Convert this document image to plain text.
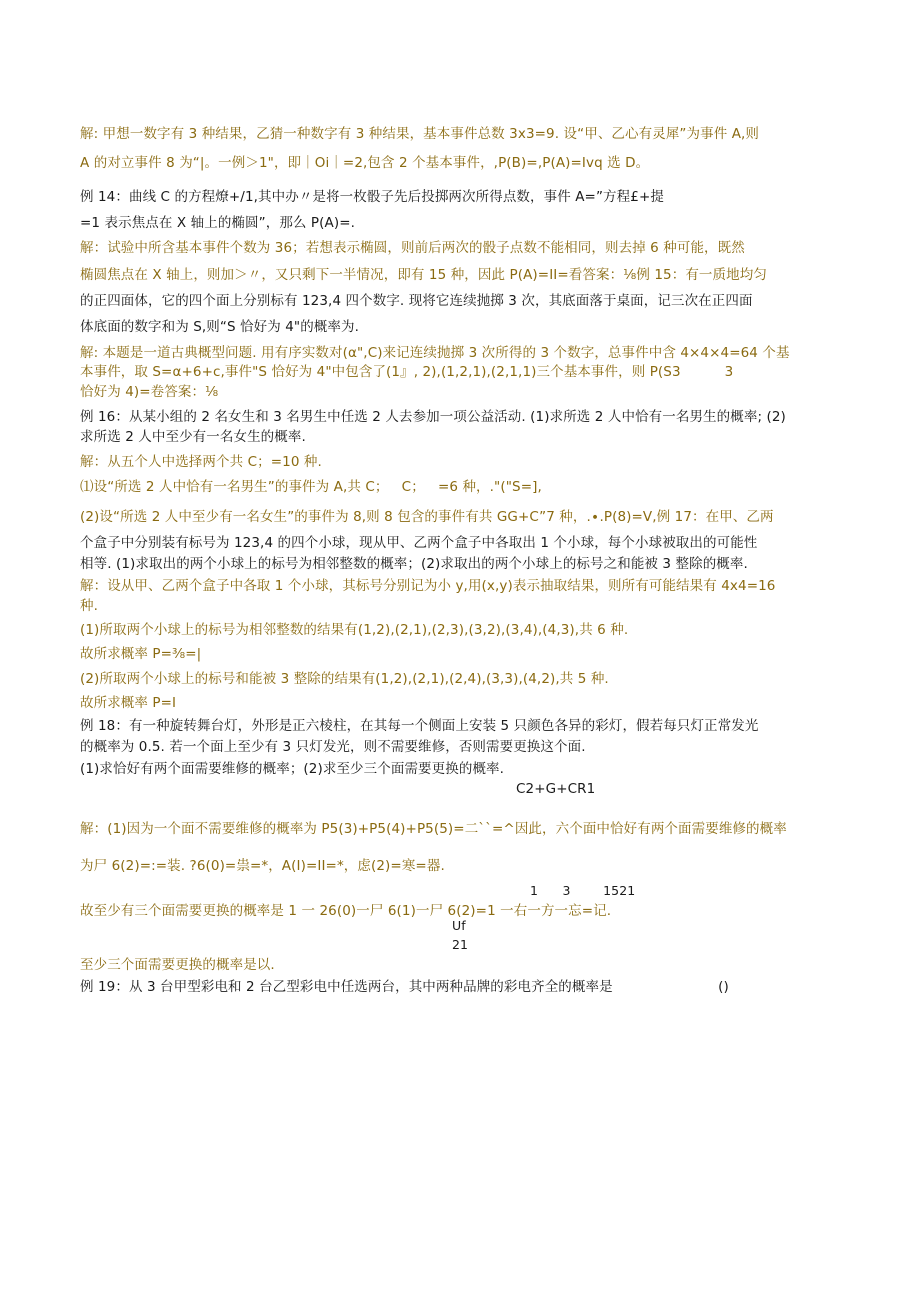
解: 甲想一数字有 3 种结果，乙猜一种数字有 3 种结果，基本事件总数 3x3=9. 设“甲、乙心有灵犀”为事件 A,则
A 的对立事件 8 为“|。一例＞1"，即｜Oi｜=2,包含 2 个基本事件，,P(B)=,P(A)=Ivq 选 D。
例 14：曲线 C 的方程燎+/1,其中办〃是将一枚骰子先后投掷两次所得点数，事件 A=”方程£+提
=1 表示焦点在 X 轴上的椭圆”，那么 P(A)=.
解：试验中所含基本事件个数为 36；若想表示椭圆，则前后两次的骰子点数不能相同，则去掉 6 种可能，既然
椭圆焦点在 X 轴上，则加＞〃，又只剩下一半情况，即有 15 种，因此 P(A)=II=看答案：⅛例 15：有一质地均匀
的正四面体，它的四个面上分别标有 123,4 四个数字. 现将它连续抛掷 3 次，其底面落于桌面，记三次在正四面
体底面的数字和为 S,则“S 恰好为 4"的概率为.
解: 本题是一道古典概型问题. 用有序实数对(α",C)来记连续抛掷 3 次所得的 3 个数字，总事件中含 4×4×4=64 个基
本事件，取 S=α+6+c,事件"S 恰好为 4"中包含了(1』, 2),(1,2,1),(2,1,1)三个基本事件，则 P(S3          3
恰好为 4)=卷答案：⅛
例 16：从某小组的 2 名女生和 3 名男生中任选 2 人去参加一项公益活动. (1)求所选 2 人中恰有一名男生的概率; (2)
求所选 2 人中至少有一名女生的概率.
解：从五个人中选择两个共 C；=10 种.
⑴设“所选 2 人中恰有一名男生”的事件为 A,共 C；   C；   =6 种，."("S=],
(2)设“所选 2 人中至少有一名女生”的事件为 8,则 8 包含的事件有共 GG+C”7 种，.∙.P(8)=V,例 17：在甲、乙两
个盒子中分别装有标号为 123,4 的四个小球，现从甲、乙两个盒子中各取出 1 个小球，每个小球被取出的可能性
相等. (1)求取出的两个小球上的标号为相邻整数的概率；(2)求取出的两个小球上的标号之和能被 3 整除的概率.
解：设从甲、乙两个盒子中各取 1 个小球，其标号分别记为小 y,用(x,y)表示抽取结果，则所有可能结果有 4x4=16
种.
(1)所取两个小球上的标号为相邻整数的结果有(1,2),(2,1),(2,3),(3,2),(3,4),(4,3),共 6 种.
故所求概率 P=⅜=|
(2)所取两个小球上的标号和能被 3 整除的结果有(1,2),(2,1),(2,4),(3,3),(4,2),共 5 种.
故所求概率 P=I
例 18：有一种旋转舞台灯，外形是正六棱柱，在其每一个侧面上安装 5 只颜色各异的彩灯，假若每只灯正常发光
的概率为 0.5. 若一个面上至少有 3 只灯发光，则不需要维修，否则需要更换这个面.
(1)求恰好有两个面需要维修的概率；(2)求至少三个面需要更换的概率.
C2+G+CR1
解：(1)因为一个面不需要维修的概率为 P5(3)+P5(4)+P5(5)=二``=^因此，六个面中恰好有两个面需要维修的概率
为尸 6(2)=:=装. ?6(0)=祟=*，A(I)=II=*，虑(2)=寒=器.
1      3        1521
故至少有三个面需要更换的概率是 1 一 26(0)一尸 6(1)一尸 6(2)=1 一右一方一忘=记.
Uf
21
至少三个面需要更换的概率是以.
例 19：从 3 台甲型彩电和 2 台乙型彩电中任选两台，其中两种品牌的彩电齐全的概率是                        ()
